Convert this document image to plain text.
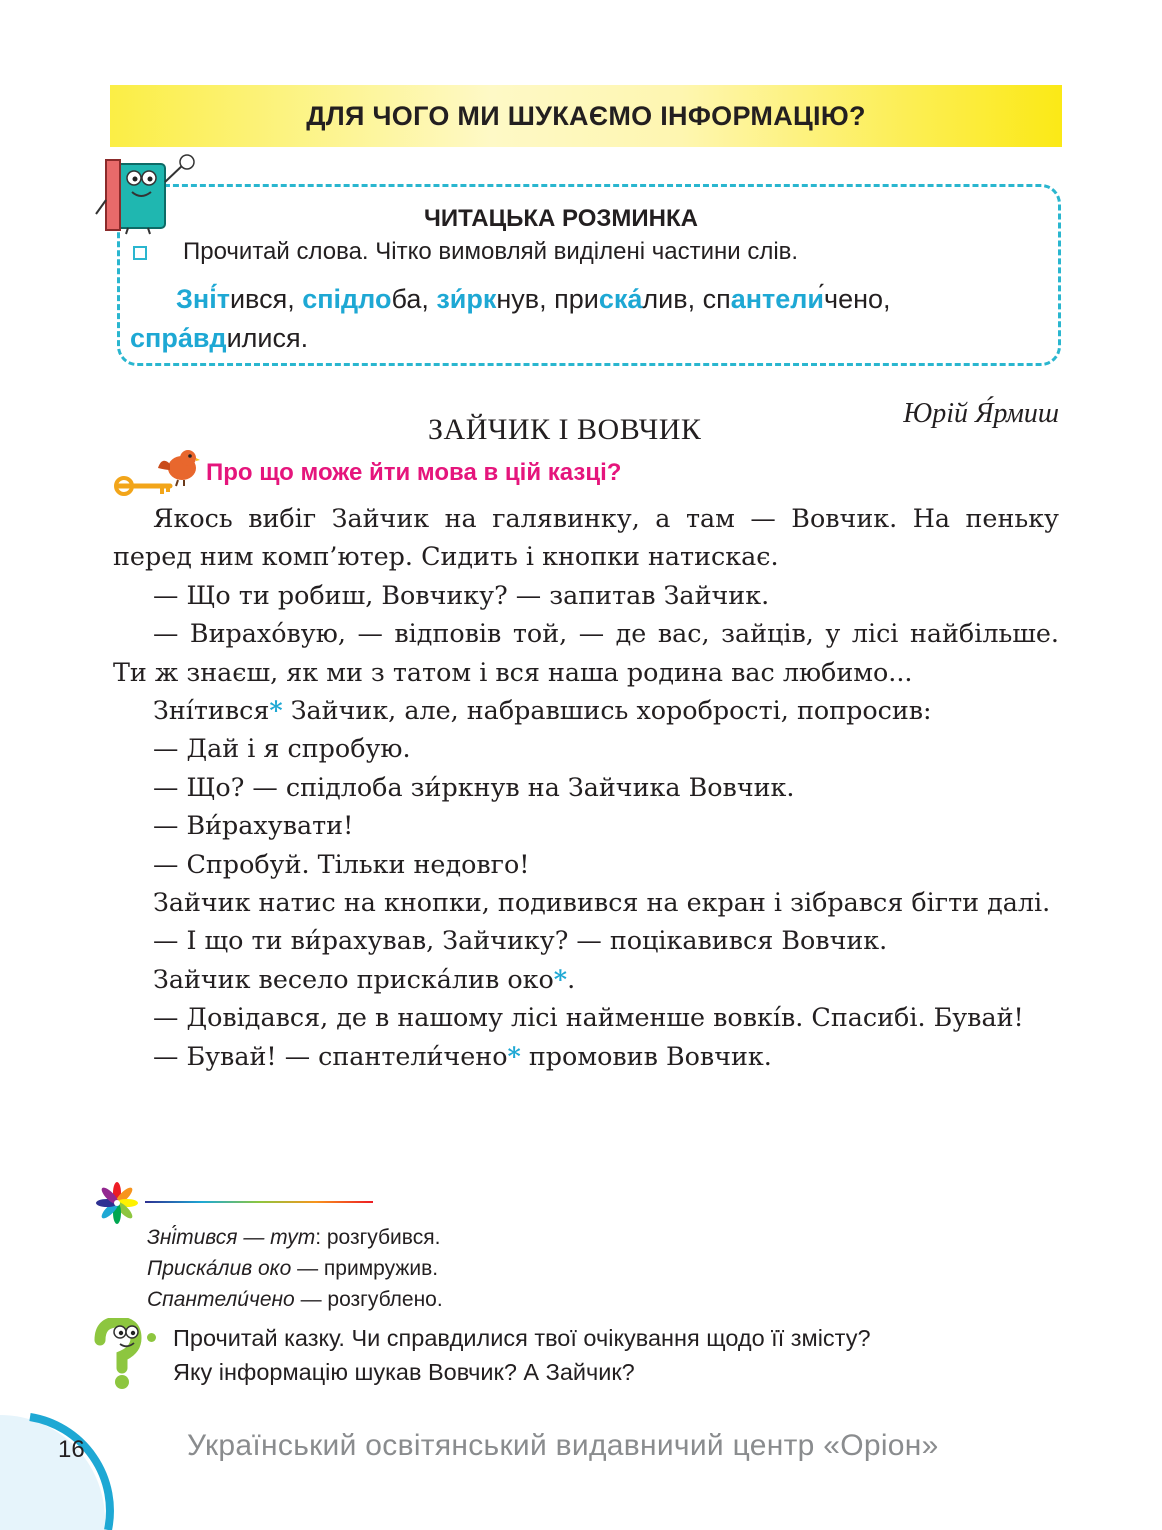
ДЛЯ ЧОГО МИ ШУКАЄМО ІНФОРМАЦІЮ?
ЧИТАЦЬКА РОЗМИНКА
Прочитай слова. Чітко вимовляй виділені частини слів.
Зні́тився, спідлоба, зи́ркнув, приска́лив, спантели́чено, спра́вдилися.
Юрій Я́рмиш
ЗАЙЧИК І ВОВЧИК
Про що може йти мова в цій казці?

Якось вибіг Зайчик на галявинку, а там — Вовчик. На пеньку перед ним комп’ютер. Сидить і кнопки натискає.

— Що ти робиш, Вовчику? — запитав Зайчик.

— Вирахо́вую, — відповів той, — де вас, зайців, у лісі найбільше. Ти ж знаєш, як ми з татом і вся наша родина вас любимо...

Зні́тився* Зайчик, але, набравшись хоробрості, попросив:

— Дай і я спробую.

— Що? — спідлоба зи́ркнув на Зайчика Вовчик.

— Ви́рахувати!

— Спробуй. Тільки недовго!

Зайчик натис на кнопки, подивився на екран і зібрався бігти далі.

— І що ти ви́рахував, Зайчику? — поцікавився Вовчик.

Зайчик весело приска́лив око*.

— Довідався, де в нашому лісі найменше вовкі́в. Спасибі. Бувай!

— Бувай! — спантели́чено* промовив Вовчик.

Зні́тився — тут: розгубився.
Приска́лив око — примружив.
Спантели́чено — розгублено.
Прочитай казку. Чи справдилися твої очікування щодо її змісту?
Яку інформацію шукав Вовчик? А Зайчик?
16	Український освітянський видавничий центр «Оріон»
